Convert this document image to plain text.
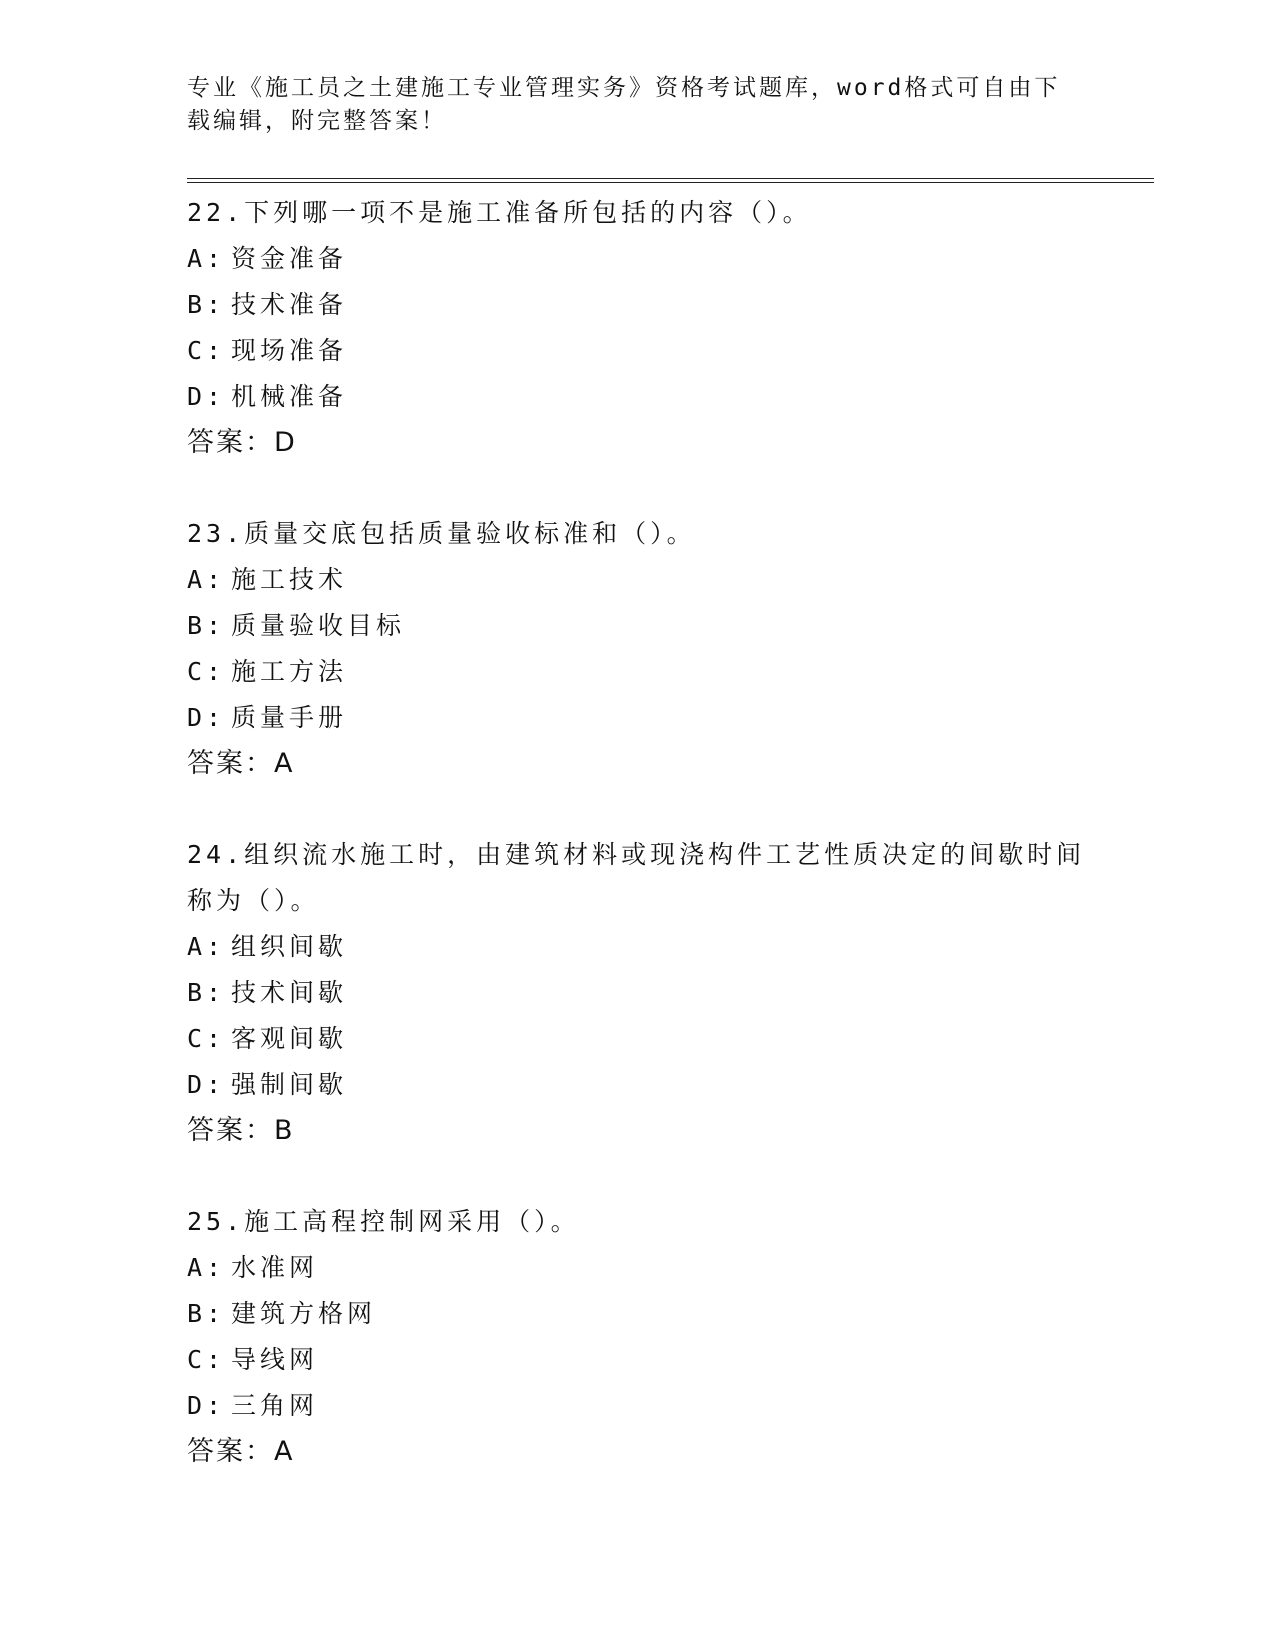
专业《施工员之土建施工专业管理实务》资格考试题库，word格式可自由下载编辑，附完整答案！

22.下列哪一项不是施工准备所包括的内容（）。

A: 资金准备

B: 技术准备

C: 现场准备

D: 机械准备

答案：D

23.质量交底包括质量验收标准和（）。

A: 施工技术

B: 质量验收目标

C: 施工方法

D: 质量手册

答案：A

24.组织流水施工时，由建筑材料或现浇构件工艺性质决定的间歇时间称为（）。

A: 组织间歇

B: 技术间歇

C: 客观间歇

D: 强制间歇

答案：B

25.施工高程控制网采用（）。

A: 水准网

B: 建筑方格网

C: 导线网

D: 三角网

答案：A
